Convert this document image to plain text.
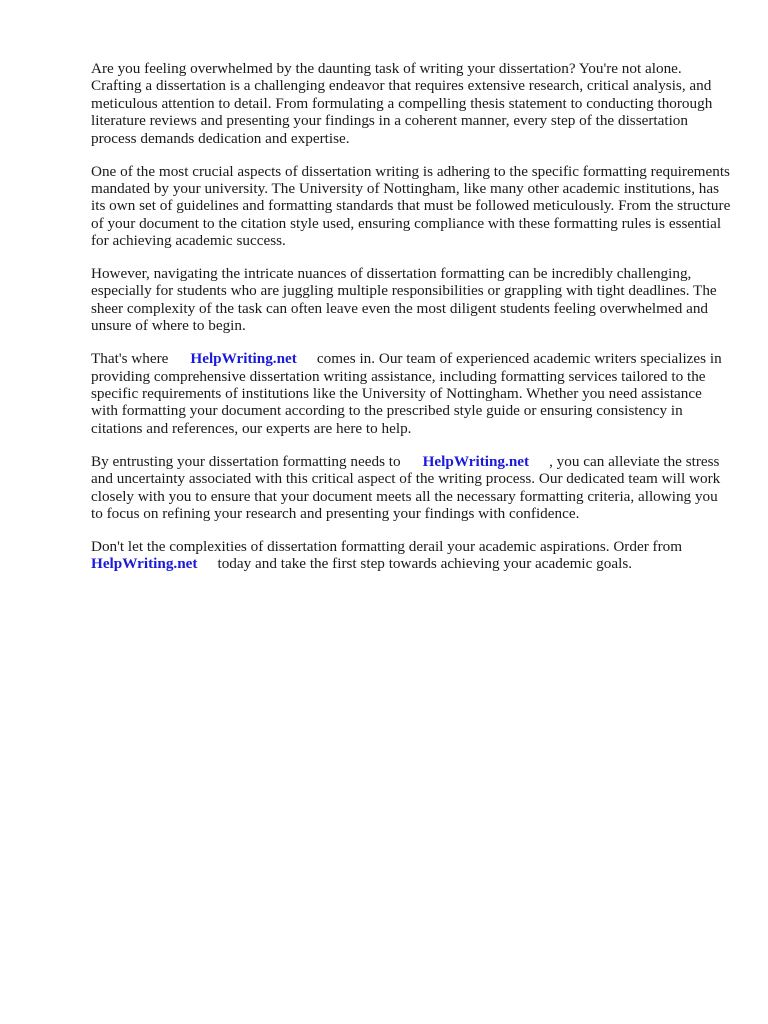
Are you feeling overwhelmed by the daunting task of writing your dissertation? You're not alone. Crafting a dissertation is a challenging endeavor that requires extensive research, critical analysis, and meticulous attention to detail. From formulating a compelling thesis statement to conducting thorough literature reviews and presenting your findings in a coherent manner, every step of the dissertation process demands dedication and expertise.

One of the most crucial aspects of dissertation writing is adhering to the specific formatting requirements mandated by your university. The University of Nottingham, like many other academic institutions, has its own set of guidelines and formatting standards that must be followed meticulously. From the structure of your document to the citation style used, ensuring compliance with these formatting rules is essential for achieving academic success.

However, navigating the intricate nuances of dissertation formatting can be incredibly challenging, especially for students who are juggling multiple responsibilities or grappling with tight deadlines. The sheer complexity of the task can often leave even the most diligent students feeling overwhelmed and unsure of where to begin.

That's where HelpWriting.net comes in. Our team of experienced academic writers specializes in providing comprehensive dissertation writing assistance, including formatting services tailored to the specific requirements of institutions like the University of Nottingham. Whether you need assistance with formatting your document according to the prescribed style guide or ensuring consistency in citations and references, our experts are here to help.

By entrusting your dissertation formatting needs to HelpWriting.net , you can alleviate the stress and uncertainty associated with this critical aspect of the writing process. Our dedicated team will work closely with you to ensure that your document meets all the necessary formatting criteria, allowing you to focus on refining your research and presenting your findings with confidence.

Don't let the complexities of dissertation formatting derail your academic aspirations. Order from HelpWriting.net today and take the first step towards achieving your academic goals.
